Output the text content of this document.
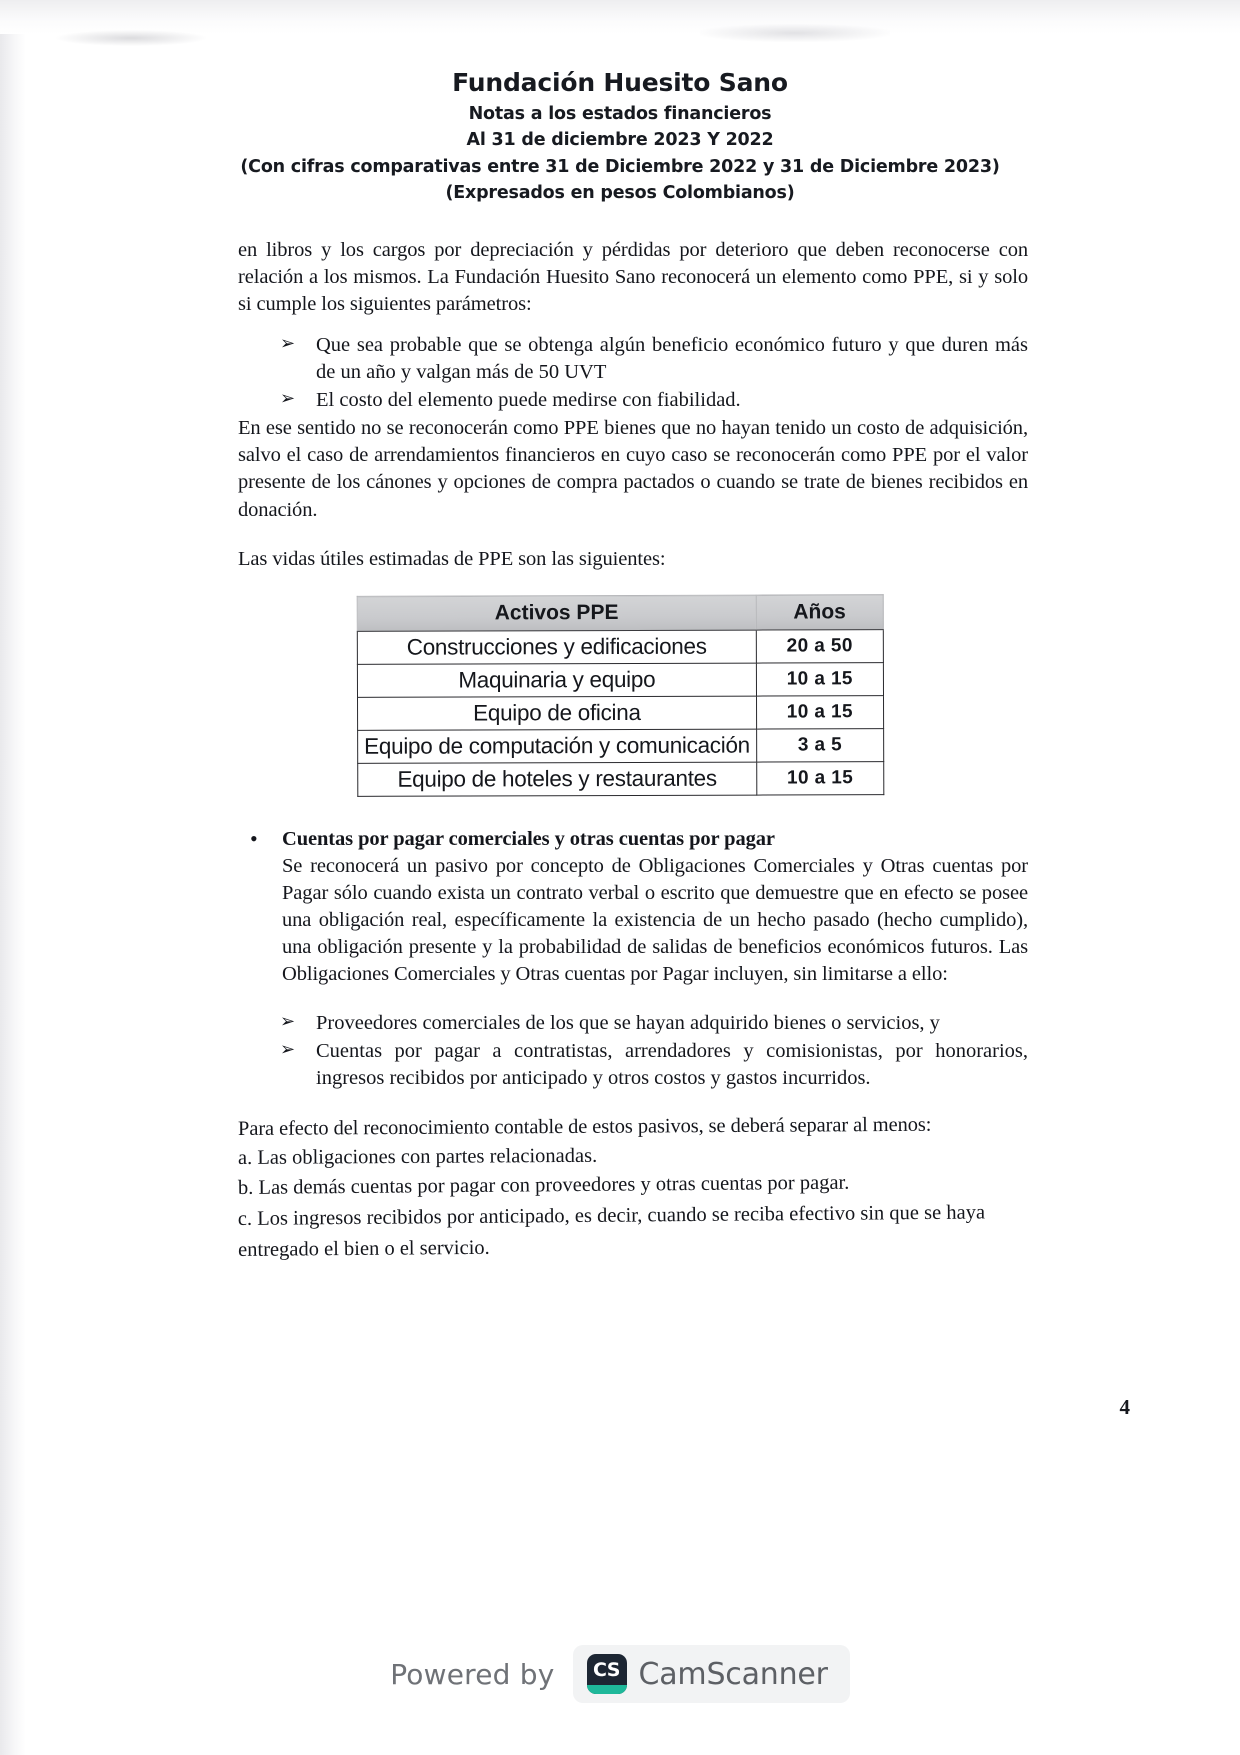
Fundación Huesito Sano
Notas a los estados financieros
Al 31 de diciembre 2023 Y 2022
(Con cifras comparativas entre 31 de Diciembre 2022 y 31 de Diciembre 2023)
(Expresados en pesos Colombianos)

en libros y los cargos por depreciación y pérdidas por deterioro que deben reconocerse con relación a los mismos. La Fundación Huesito Sano reconocerá un elemento como PPE, si y solo si cumple los siguientes parámetros:

➢ Que sea probable que se obtenga algún beneficio económico futuro y que duren más de un año y valgan más de 50 UVT
➢ El costo del elemento puede medirse con fiabilidad.

En ese sentido no se reconocerán como PPE bienes que no hayan tenido un costo de adquisición, salvo el caso de arrendamientos financieros en cuyo caso se reconocerán como PPE por el valor presente de los cánones y opciones de compra pactados o cuando se trate de bienes recibidos en donación.

Las vidas útiles estimadas de PPE son las siguientes:

Activos PPE	Años
Construcciones y edificaciones	20 a 50
Maquinaria y equipo	10 a 15
Equipo de oficina	10 a 15
Equipo de computación y comunicación	3 a 5
Equipo de hoteles y restaurantes	10 a 15
• Cuentas por pagar comerciales y otras cuentas por pagar

Se reconocerá un pasivo por concepto de Obligaciones Comerciales y Otras cuentas por Pagar sólo cuando exista un contrato verbal o escrito que demuestre que en efecto se posee una obligación real, específicamente la existencia de un hecho pasado (hecho cumplido), una obligación presente y la probabilidad de salidas de beneficios económicos futuros. Las Obligaciones Comerciales y Otras cuentas por Pagar incluyen, sin limitarse a ello:

➢ Proveedores comerciales de los que se hayan adquirido bienes o servicios, y
➢ Cuentas por pagar a contratistas, arrendadores y comisionistas, por honorarios, ingresos recibidos por anticipado y otros costos y gastos incurridos.

Para efecto del reconocimiento contable de estos pasivos, se deberá separar al menos:

a. Las obligaciones con partes relacionadas.
b. Las demás cuentas por pagar con proveedores y otras cuentas por pagar.
c. Los ingresos recibidos por anticipado, es decir, cuando se reciba efectivo sin que se haya entregado el bien o el servicio.
4
Powered by	CS CamScanner
